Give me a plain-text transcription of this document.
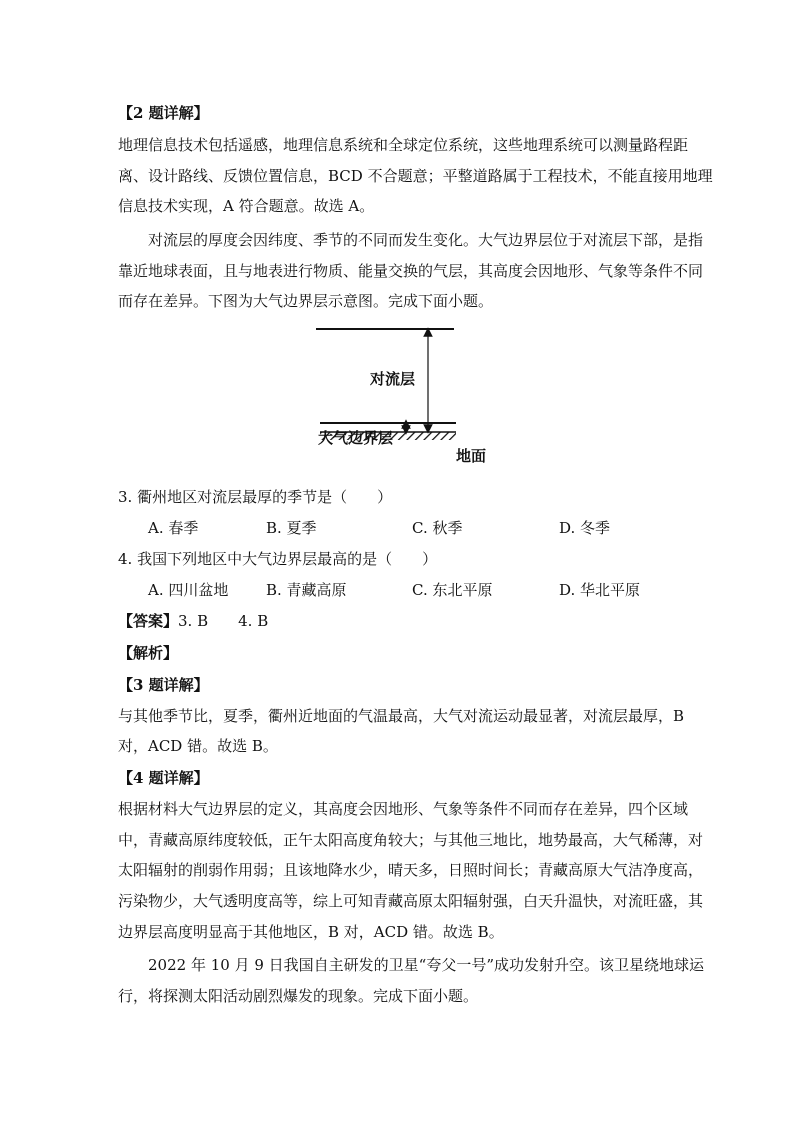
【2 题详解】
地理信息技术包括遥感，地理信息系统和全球定位系统，这些地理系统可以测量路程距
离、设计路线、反馈位置信息，BCD 不合题意；平整道路属于工程技术，不能直接用地理
信息技术实现，A 符合题意。故选 A。
对流层的厚度会因纬度、季节的不同而发生变化。大气边界层位于对流层下部，是指
靠近地球表面，且与地表进行物质、能量交换的气层，其高度会因地形、气象等条件不同
而存在差异。下图为大气边界层示意图。完成下面小题。
对流层
大气边界层
地面
3. 衢州地区对流层最厚的季节是（　　）
A. 春季	B. 夏季	C. 秋季	D. 冬季
4. 我国下列地区中大气边界层最高的是（　　）
A. 四川盆地	B. 青藏高原	C. 东北平原	D. 华北平原
【答案】3. B　　4. B
【解析】
【3 题详解】
与其他季节比，夏季，衢州近地面的气温最高，大气对流运动最显著，对流层最厚，B
对，ACD 错。故选 B。
【4 题详解】
根据材料大气边界层的定义，其高度会因地形、气象等条件不同而存在差异，四个区域
中，青藏高原纬度较低，正午太阳高度角较大；与其他三地比，地势最高，大气稀薄，对
太阳辐射的削弱作用弱；且该地降水少，晴天多，日照时间长；青藏高原大气洁净度高，
污染物少，大气透明度高等，综上可知青藏高原太阳辐射强，白天升温快，对流旺盛，其
边界层高度明显高于其他地区，B 对，ACD 错。故选 B。
2022 年 10 月 9 日我国自主研发的卫星“夸父一号”成功发射升空。该卫星绕地球运
行，将探测太阳活动剧烈爆发的现象。完成下面小题。
